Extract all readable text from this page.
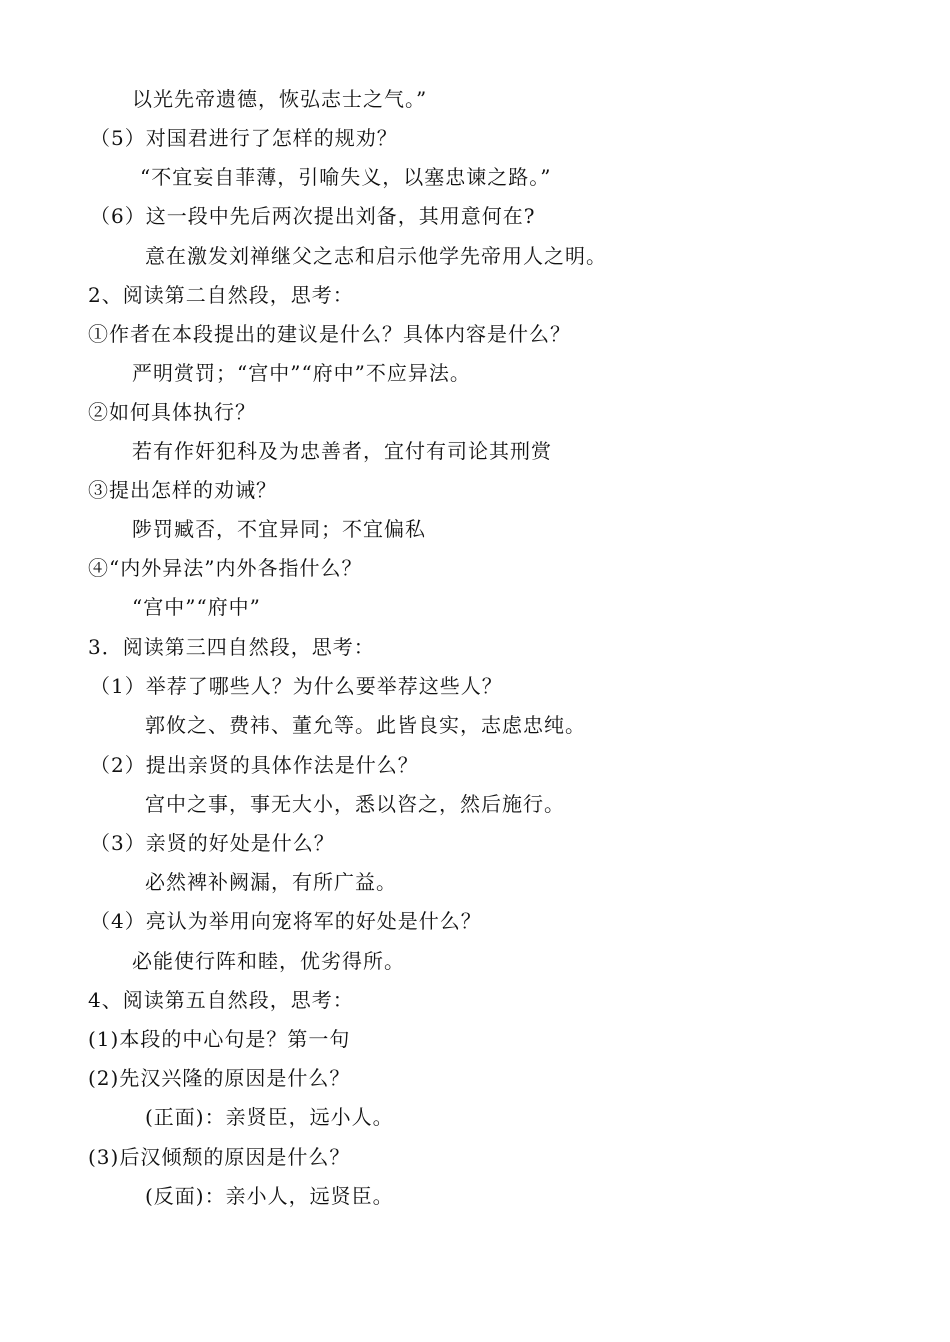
以光先帝遗德，恢弘志士之气。”
（5）对国君进行了怎样的规劝？
“不宜妄自菲薄，引喻失义，以塞忠谏之路。”
（6）这一段中先后两次提出刘备，其用意何在?
意在激发刘禅继父之志和启示他学先帝用人之明。
2、阅读第二自然段，思考：
①作者在本段提出的建议是什么？具体内容是什么？
严明赏罚；“宫中”“府中”不应异法。
②如何具体执行？
若有作奸犯科及为忠善者，宜付有司论其刑赏
③提出怎样的劝诫？
陟罚臧否，不宜异同；不宜偏私
④“内外异法”内外各指什么？
“宫中”“府中”
3．阅读第三四自然段，思考：
（1）举荐了哪些人？为什么要举荐这些人？
郭攸之、费祎、董允等。此皆良实，志虑忠纯。
（2）提出亲贤的具体作法是什么？
宫中之事，事无大小，悉以咨之，然后施行。
（3）亲贤的好处是什么？
必然裨补阙漏，有所广益。
（4）亮认为举用向宠将军的好处是什么？
必能使行阵和睦，优劣得所。
4、阅读第五自然段，思考：
(1)本段的中心句是？第一句
(2)先汉兴隆的原因是什么？
(正面)：亲贤臣，远小人。
(3)后汉倾颓的原因是什么？
(反面)：亲小人，远贤臣。
